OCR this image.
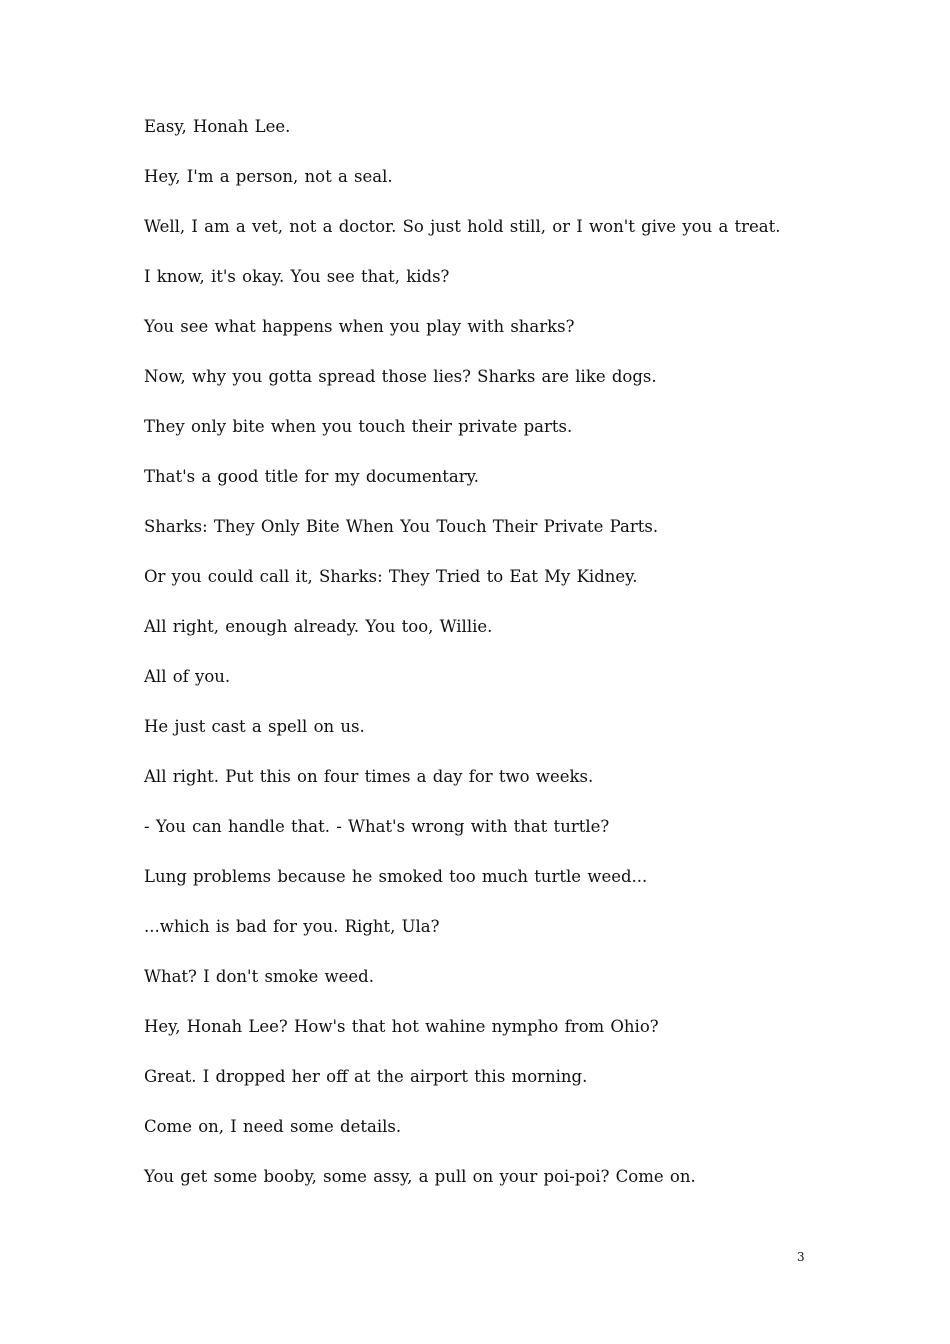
Easy, Honah Lee.

Hey, I'm a person, not a seal.

Well, I am a vet, not a doctor. So just hold still, or I won't give you a treat.

I know, it's okay. You see that, kids?

You see what happens when you play with sharks?

Now, why you gotta spread those lies? Sharks are like dogs.

They only bite when you touch their private parts.

That's a good title for my documentary.

Sharks: They Only Bite When You Touch Their Private Parts.

Or you could call it, Sharks: They Tried to Eat My Kidney.

All right, enough already. You too, Willie.

All of you.

He just cast a spell on us.

All right. Put this on four times a day for two weeks.

- You can handle that. - What's wrong with that turtle?

Lung problems because he smoked too much turtle weed...

...which is bad for you. Right, Ula?

What? I don't smoke weed.

Hey, Honah Lee? How's that hot wahine nympho from Ohio?

Great. I dropped her off at the airport this morning.

Come on, I need some details.

You get some booby, some assy, a pull on your poi-poi? Come on.

3
